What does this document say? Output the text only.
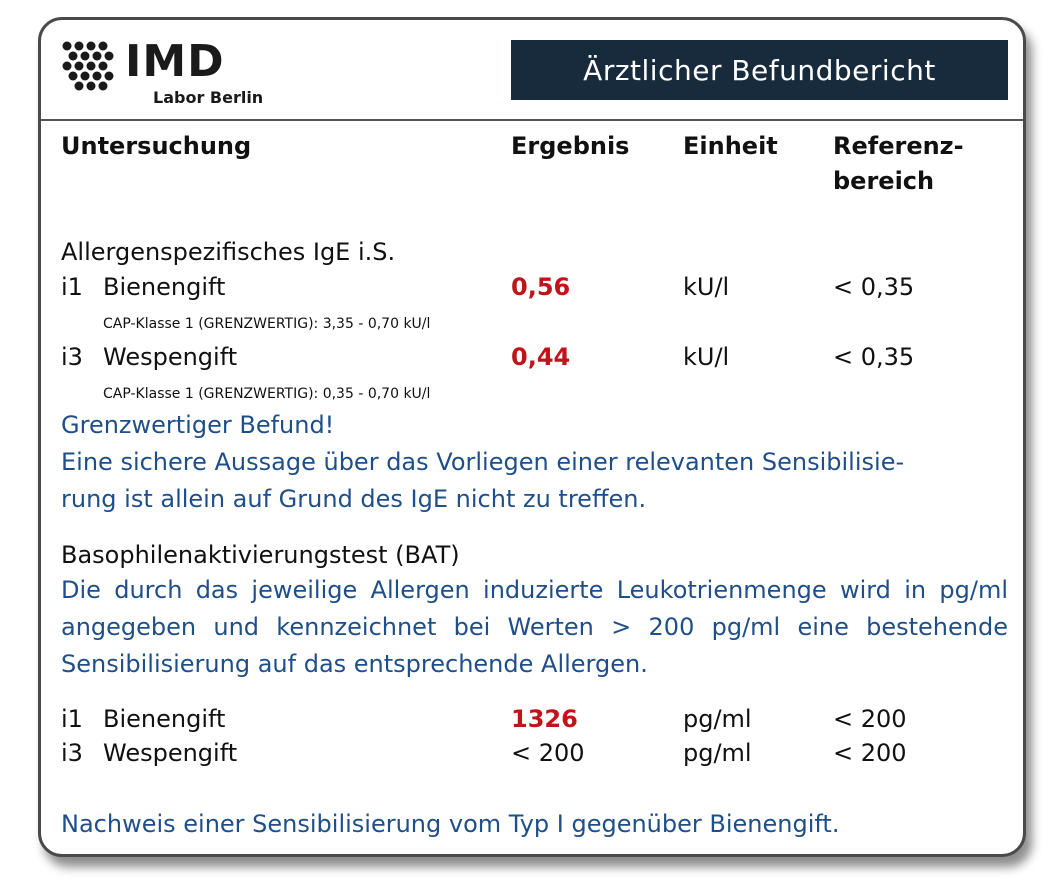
IMD
Labor Berlin
Ärztlicher Befundbericht
Untersuchung	Ergebnis Einheit Referenz-
bereich
Allergenspezifisches IgE i.S.
i1 Bienengift	0,56	kU/l	< 0,35
CAP-Klasse 1 (GRENZWERTIG): 3,35 - 0,70 kU/l
i3 Wespengift	0,44	kU/l	< 0,35
CAP-Klasse 1 (GRENZWERTIG): 0,35 - 0,70 kU/l
Grenzwertiger Befund!
Eine sichere Aussage über das Vorliegen einer relevanten Sensibilisie-
rung ist allein auf Grund des IgE nicht zu treffen.
Basophilenaktivierungstest (BAT)
Die durch das jeweilige Allergen induzierte Leukotrienmenge wird in pg/ml angegeben und kennzeichnet bei Werten > 200 pg/ml eine bestehende Sensibilisierung auf das entsprechende Allergen.
i1 Bienengift	1326	pg/ml	< 200
i3 Wespengift	< 200	pg/ml	< 200
Nachweis einer Sensibilisierung vom Typ I gegenüber Bienengift.
